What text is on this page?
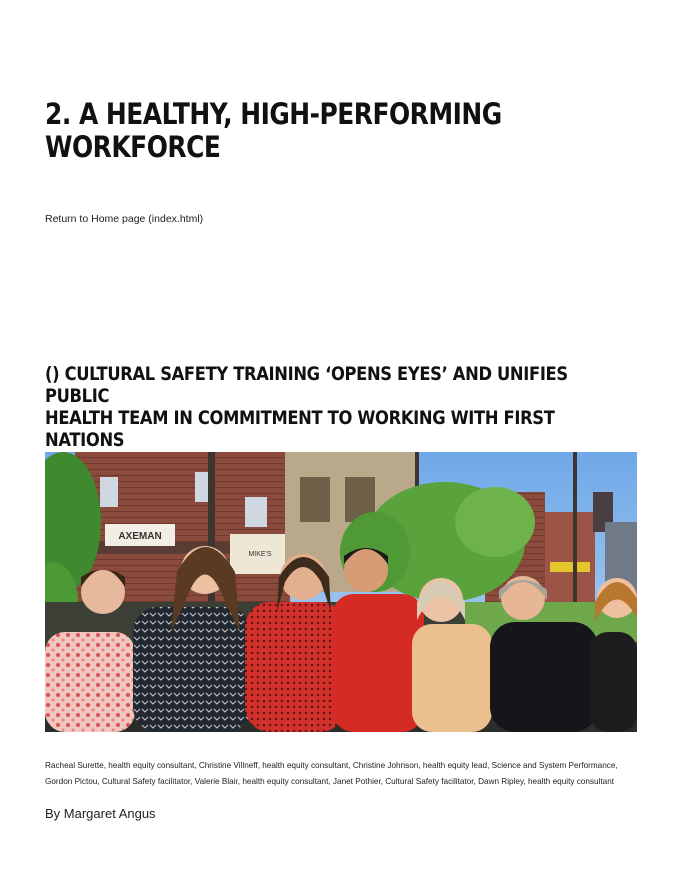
2. A HEALTHY, HIGH-PERFORMING
WORKFORCE
Return to Home page (index.html)
() CULTURAL SAFETY TRAINING ‘OPENS EYES’ AND UNIFIES PUBLIC
HEALTH TEAM IN COMMITMENT TO WORKING WITH FIRST NATIONS

AXEMAN
MIKE'S

Racheal Surette, health equity consultant, Christine Villneff, health equity consultant, Christine Johnson, health equity lead, Science and System Performance,
Gordon Pictou, Cultural Safety facilitator, Valerie Blair, health equity consultant, Janet Pothier, Cultural Safety facilitator, Dawn Ripley, health equity consultant

By Margaret Angus
